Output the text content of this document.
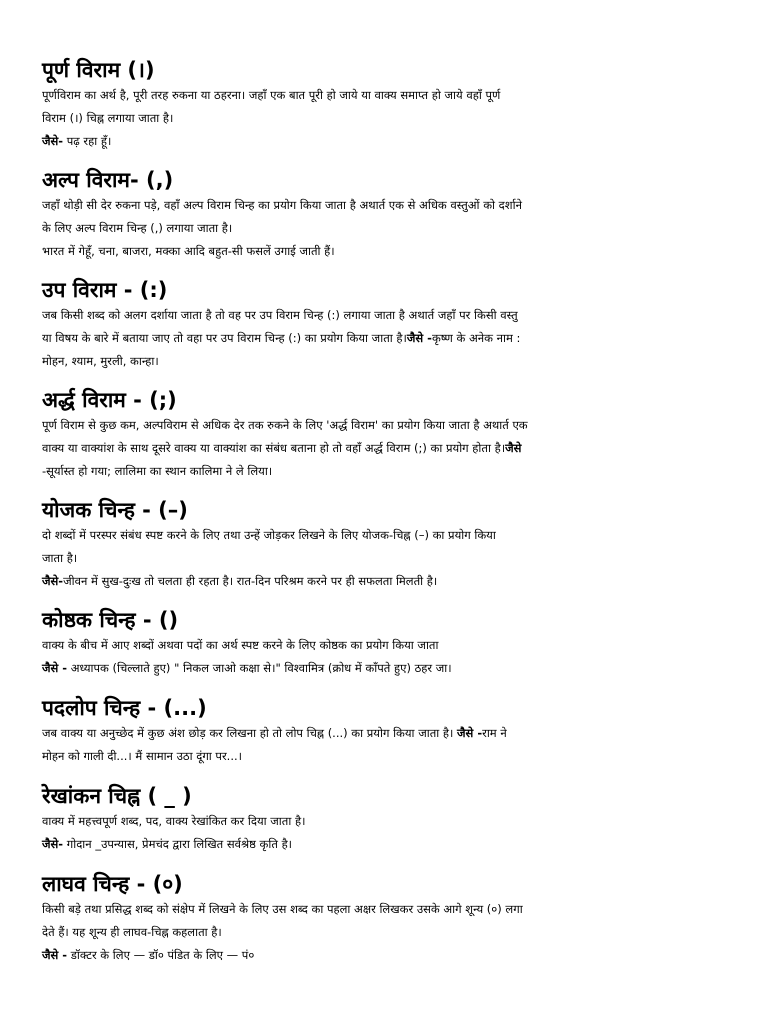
पूर्ण विराम (।)

पूर्णविराम का अर्थ है, पूरी तरह रुकना या ठहरना। जहाँ एक बात पूरी हो जाये या वाक्य समाप्त हो जाये वहाँ पूर्ण

विराम (।) चिह्न लगाया जाता है।

जैसे- पढ़ रहा हूँ।

अल्प विराम- (,)

जहाँ थोड़ी सी देर रुकना पड़े, वहाँ अल्प विराम चिन्ह का प्रयोग किया जाता है अथार्त एक से अधिक वस्तुओं को दर्शाने

के लिए अल्प विराम चिन्ह (,) लगाया जाता है।

भारत में गेहूँ, चना, बाजरा, मक्का आदि बहुत-सी फसलें उगाई जाती हैं।

उप विराम - (:)

जब किसी शब्द को अलग दर्शाया जाता है तो वह पर उप विराम चिन्ह (:) लगाया जाता है अथार्त जहाँ पर किसी वस्तु

या विषय के बारे में बताया जाए तो वहा पर उप विराम चिन्ह (:) का प्रयोग किया जाता है।जैसे -कृष्ण के अनेक नाम :

मोहन, श्याम, मुरली, कान्हा।

अर्द्ध विराम - (;)

पूर्ण विराम से कुछ कम, अल्पविराम से अधिक देर तक रुकने के लिए 'अर्द्ध विराम' का प्रयोग किया जाता है अथार्त एक

वाक्य या वाक्यांश के साथ दूसरे वाक्य या वाक्यांश का संबंध बताना हो तो वहाँ अर्द्ध विराम (;) का प्रयोग होता है।जैसे

-सूर्यास्त हो गया; लालिमा का स्थान कालिमा ने ले लिया।

योजक चिन्ह - (–)

दो शब्दों में परस्पर संबंध स्पष्ट करने के लिए तथा उन्हें जोड़कर लिखने के लिए योजक-चिह्न (–) का प्रयोग किया

जाता है।

जैसे-जीवन में सुख-दुःख तो चलता ही रहता है। रात-दिन परिश्रम करने पर ही सफलता मिलती है।

कोष्ठक चिन्ह - ()

वाक्य के बीच में आए शब्दों अथवा पदों का अर्थ स्पष्ट करने के लिए कोष्ठक का प्रयोग किया जाता

जैसे - अध्यापक (चिल्लाते हुए) " निकल जाओ कक्षा से।" विश्वामित्र (क्रोध में काँपते हुए) ठहर जा।

पदलोप चिन्ह - (...)

जब वाक्य या अनुच्छेद में कुछ अंश छोड़ कर लिखना हो तो लोप चिह्न (...) का प्रयोग किया जाता है। जैसे -राम ने

मोहन को गाली दी...। मैं सामान उठा दूंगा पर...।

रेखांकन चिह्न ( _ )

वाक्य में महत्त्वपूर्ण शब्द, पद, वाक्य रेखांकित कर दिया जाता है।

जैसे- गोदान _उपन्यास, प्रेमचंद द्वारा लिखित सर्वश्रेष्ठ कृति है।

लाघव चिन्ह - (०)

किसी बड़े तथा प्रसिद्ध शब्द को संक्षेप में लिखने के लिए उस शब्द का पहला अक्षर लिखकर उसके आगे शून्य (०) लगा

देते हैं। यह शून्य ही लाघव-चिह्न कहलाता है।

जैसे - डॉक्टर के लिए — डॉ० पंडित के लिए — पं०
